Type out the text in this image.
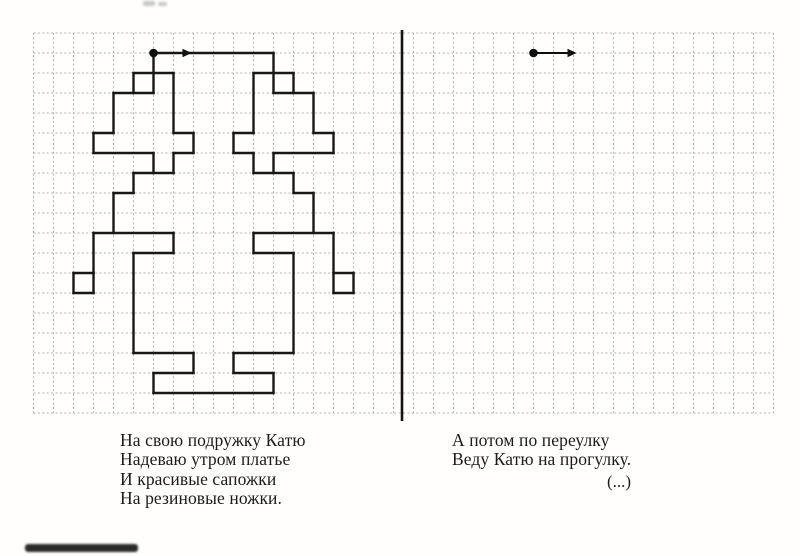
На свою подружку Катю
Надеваю утром платье
И красивые сапожки
На резиновые ножки.
А потом по переулку
Веду Катю на прогулку.
(...)
